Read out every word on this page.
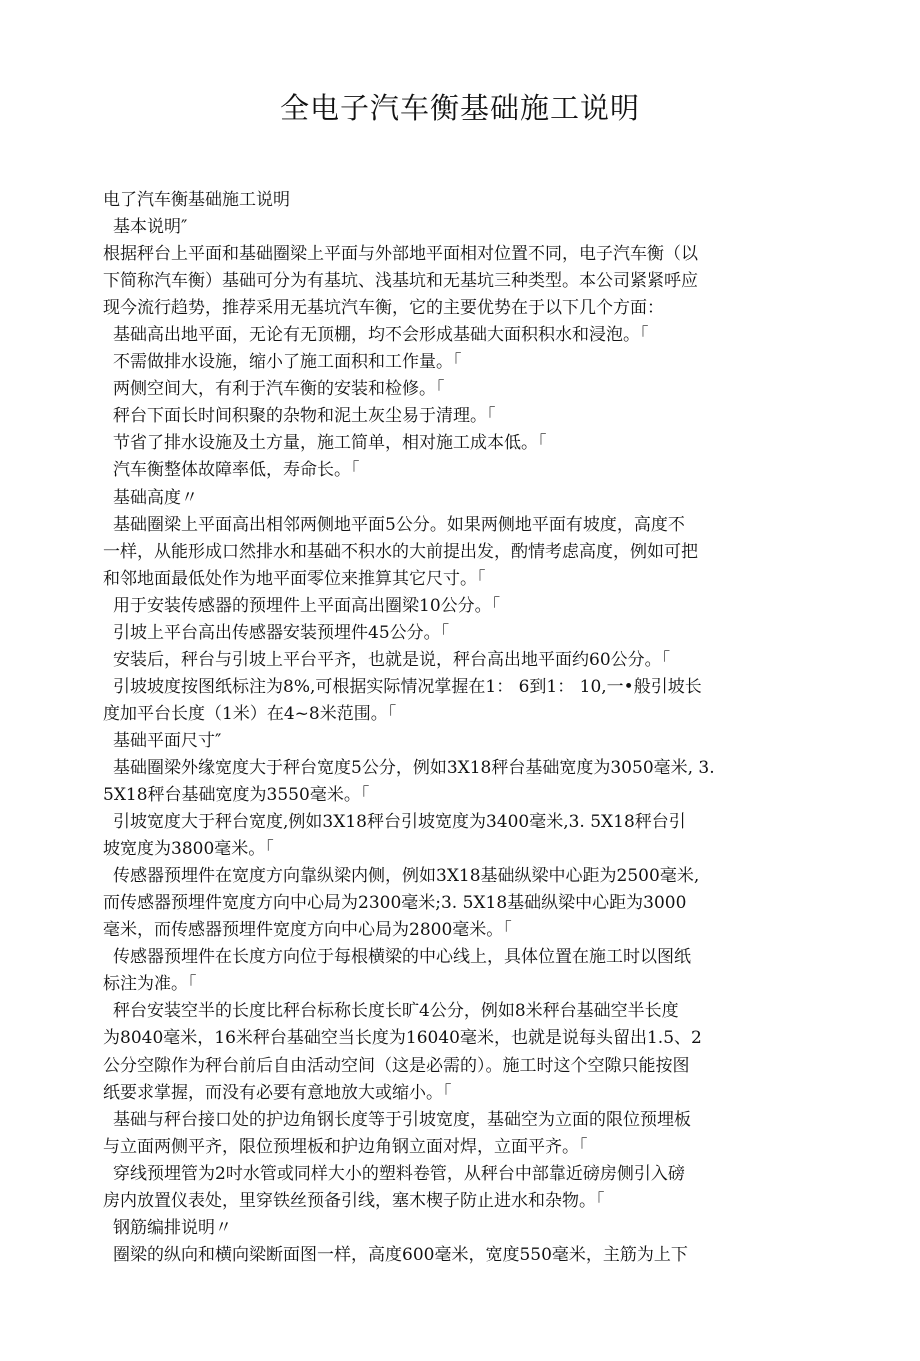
全电子汽车衡基础施工说明

电了汽车衡基础施工说明

基本说明″

根据秤台上平面和基础圈梁上平面与外部地平面相对位置不同，电子汽车衡（以

下简称汽车衡）基础可分为有基坑、浅基坑和无基坑三种类型。本公司紧紧呼应

现今流行趋势，推荐采用无基坑汽车衡，它的主要优势在于以下几个方面：

基础高出地平面，无论有无顶棚，均不会形成基础大面积积水和浸泡。「

不需做排水设施，缩小了施工面积和工作量。「

两侧空间大，有利于汽车衡的安装和检修。「

秤台下面长时间积聚的杂物和泥土灰尘易于清理。「

节省了排水设施及土方量，施工简单，相对施工成本低。「

汽车衡整体故障率低，寿命长。「

基础高度〃

基础圈梁上平面高出相邻两侧地平面5公分。如果两侧地平面有坡度，高度不

一样，从能形成口然排水和基础不积水的大前提出发，酌情考虑高度，例如可把

和邻地面最低处作为地平面零位来推算其它尺寸。「

用于安装传感器的预埋件上平面高出圈梁10公分。「

引坡上平台高出传感器安装预埋件45公分。「

安装后，秤台与引坡上平台平齐，也就是说，秤台高出地平面约60公分。「

引坡坡度按图纸标注为8%,可根据实际情况掌握在1： 6到1： 10,一•般引坡长

度加平台长度（1米）在4~8米范围。「

基础平面尺寸″

基础圈梁外缘宽度大于秤台宽度5公分，例如3X18秤台基础宽度为3050毫米, 3.

5X18秤台基础宽度为3550毫米。「

引坡宽度大于秤台宽度,例如3X18秤台引坡宽度为3400毫米,3. 5X18秤台引

坡宽度为3800毫米。「

传感器预埋件在宽度方向靠纵梁内侧，例如3X18基础纵梁中心距为2500毫米,

而传感器预埋件宽度方向中心局为2300毫米;3. 5X18基础纵梁中心距为3000

毫米，而传感器预埋件宽度方向中心局为2800毫米。「

传感器预埋件在长度方向位于每根横梁的中心线上，具体位置在施工时以图纸

标注为准。「

秤台安装空半的长度比秤台标称长度长旷4公分，例如8米秤台基础空半长度

为8040毫米，16米秤台基础空当长度为16040毫米，也就是说每头留出1.5、2

公分空隙作为秤台前后自由活动空间（这是必需的）。施工时这个空隙只能按图

纸要求掌握，而没有必要有意地放大或缩小。「

基础与秤台接口处的护边角钢长度等于引坡宽度，基础空为立面的限位预埋板

与立面两侧平齐，限位预埋板和护边角钢立面对焊，立面平齐。「

穿线预埋管为2吋水管或同样大小的塑料卷管，从秤台中部靠近磅房侧引入磅

房内放置仪表处，里穿铁丝预备引线，塞木楔子防止进水和杂物。「

钢筋编排说明〃

圈梁的纵向和横向梁断面图一样，高度600毫米，宽度550毫米，主筋为上下
